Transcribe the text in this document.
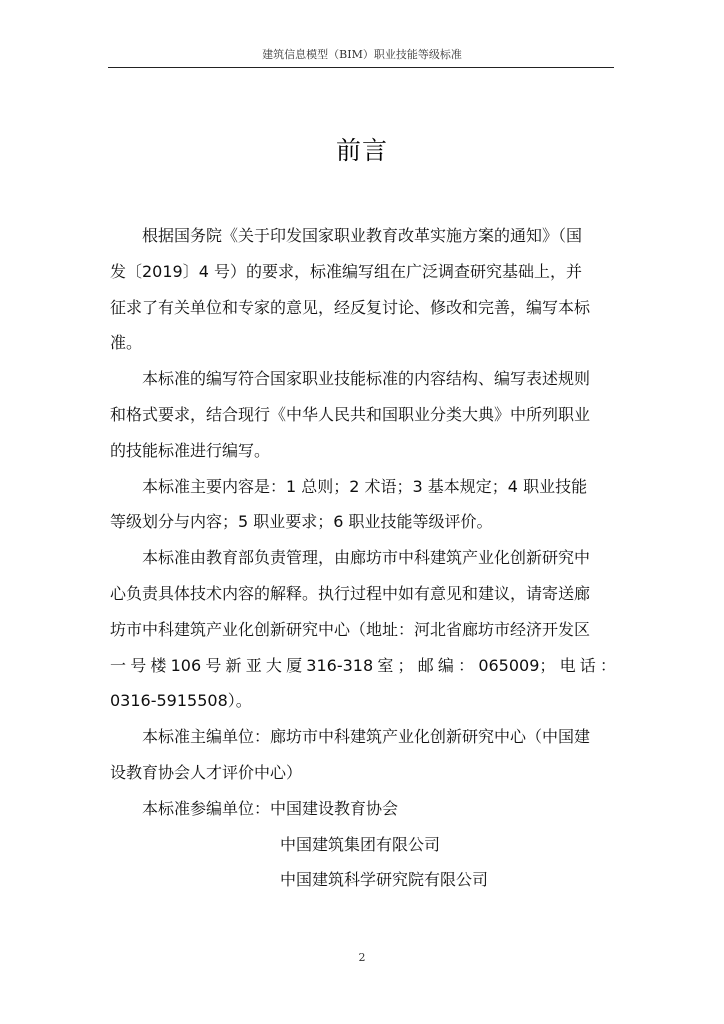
建筑信息模型（BIM）职业技能等级标准
前言

根据国务院《关于印发国家职业教育改革实施方案的通知》（国

发〔2019〕4 号）的要求，标准编写组在广泛调查研究基础上，并
征求了有关单位和专家的意见，经反复讨论、修改和完善，编写本标
准。

本标准的编写符合国家职业技能标准的内容结构、编写表述规则

和格式要求，结合现行《中华人民共和国职业分类大典》中所列职业
的技能标准进行编写。

本标准主要内容是：1 总则；2 术语；3 基本规定；4 职业技能

等级划分与内容；5 职业要求；6 职业技能等级评价。

本标准由教育部负责管理，由廊坊市中科建筑产业化创新研究中

心负责具体技术内容的解释。执行过程中如有意见和建议，请寄送廊
坊市中科建筑产业化创新研究中心（地址：河北省廊坊市经济开发区
一号楼106号新亚大厦316-318室；邮编：065009；电话：
0316-5915508）。

本标准主编单位：廊坊市中科建筑产业化创新研究中心（中国建

设教育协会人才评价中心）

本标准参编单位：中国建设教育协会

中国建筑集团有限公司

中国建筑科学研究院有限公司

2
